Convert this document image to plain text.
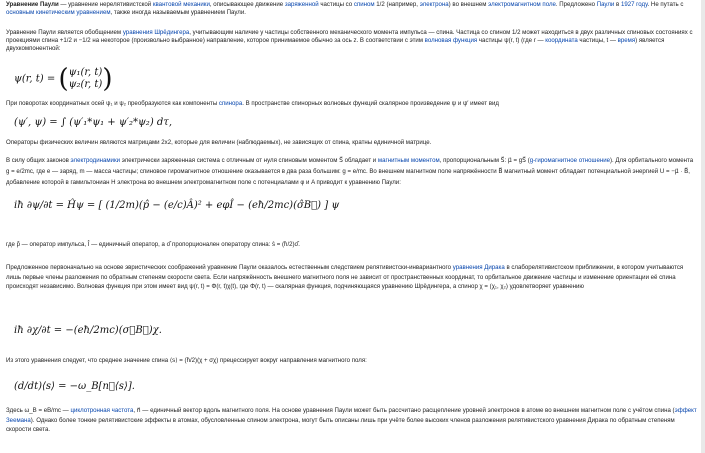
Уравнение Паули — уравнение нерелятивистской квантовой механики, описывающее движение заряженной частицы со спином 1/2 (например, электрона) во внешнем электромагнитном поле. Предложено Паули в 1927 году. Не путать с основным кинетическим уравнением, также иногда называемым уравнением Паули.
Уравнение Паули является обобщением уравнения Шрёдингера, учитывающим наличие у частицы собственного механического момента импульса — спина. Частица со спином 1/2 может находиться в двух различных спиновых состояниях с проекциями спина +1/2 и −1/2 на некоторое (произвольно выбранное) направление, которое принимаемое обычно за ось z. В соответствии с этим волновая функция частицы ψ(r, t) (где r — координата частицы, t — время) является двухкомпонентной:
ψ(r, t) = ( ψ₁(r, t)
ψ₂(r, t) )
При поворотах координатных осей ψ₁ и ψ₂ преобразуются как компоненты спинора. В пространстве спинорных волновых функций скалярное произведение ψ и ψ′ имеет вид
(ψ′, ψ) = ∫ (ψ′₁*ψ₁ + ψ′₂*ψ₂) dτ,
Операторы физических величин являются матрицами 2x2, которые для величин (наблюдаемых), не зависящих от спина, кратны единичной матрице.
В силу общих законов электродинамики электрически заряженная система с отличным от нуля спиновым моментом S⃗ обладает и магнитным моментом, пропорциональным S⃗: μ⃗ = gS⃗ (g-гиромагнитное отношение). Для орбитального момента g = e/2mc, где e — заряд, m — масса частицы; спиновое гиромагнитное отношение оказывается в два раза большим: g = e/mc. Во внешнем магнитном поле напряжённости B⃗ магнитный момент обладает потенциальной энергией U = −μ⃗ · B⃗, добавление которой в гамильтониан H электрона во внешнем электромагнитном поле с потенциалами φ и A приводит к уравнению Паули:
iħ ∂ψ/∂t = Ĥψ = [ (1/2m)(p̂ − (e/c)Â)² + eφÎ − (eħ/2mc)(σ̂B⃗) ] ψ
где p̂ — оператор импульса, Î — единичный оператор, а σ̂ пропорционален оператору спина: ŝ = (ħ/2)σ̂.
Предложенное первоначально на основе эвристических соображений уравнение Паули оказалось естественным следствием релятивистски-инвариантного уравнения Дирака в слаборелятивистском приближении, в котором учитываются лишь первые члены разложения по обратным степеням скорости света. Если напряжённость внешнего магнитного поля не зависит от пространственных координат, то орбитальное движение частицы и изменение ориентации её спина происходят независимо. Волновая функция при этом имеет вид ψ(r, t) = Φ(r, t)χ(t), где Φ(r, t) — скалярная функция, подчиняющаяся уравнению Шрёдингера, а спинор χ = (χ₁, χ₂) удовлетворяет уравнению
iħ ∂χ/∂t = −(eħ/2mc)(σ⃗B⃗)χ.
Из этого уравнения следует, что среднее значение спина ⟨s⟩ = (ħ/2)(χ + σχ) прецессирует вокруг направления магнитного поля:
(d/dt)⟨s⟩ = −ω_B[n⃗⟨s⟩].
Здесь ω_B = eB/mc — циклотронная частота, n⃗ — единичный вектор вдоль магнитного поля. На основе уравнения Паули может быть рассчитано расщепление уровней электронов в атоме во внешнем магнитном поле с учётом спина (эффект Зеемана). Однако более тонкие релятивистские эффекты в атомах, обусловленные спином электрона, могут быть описаны лишь при учёте более высоких членов разложения релятивистского уравнения Дирака по обратным степеням скорости света.
